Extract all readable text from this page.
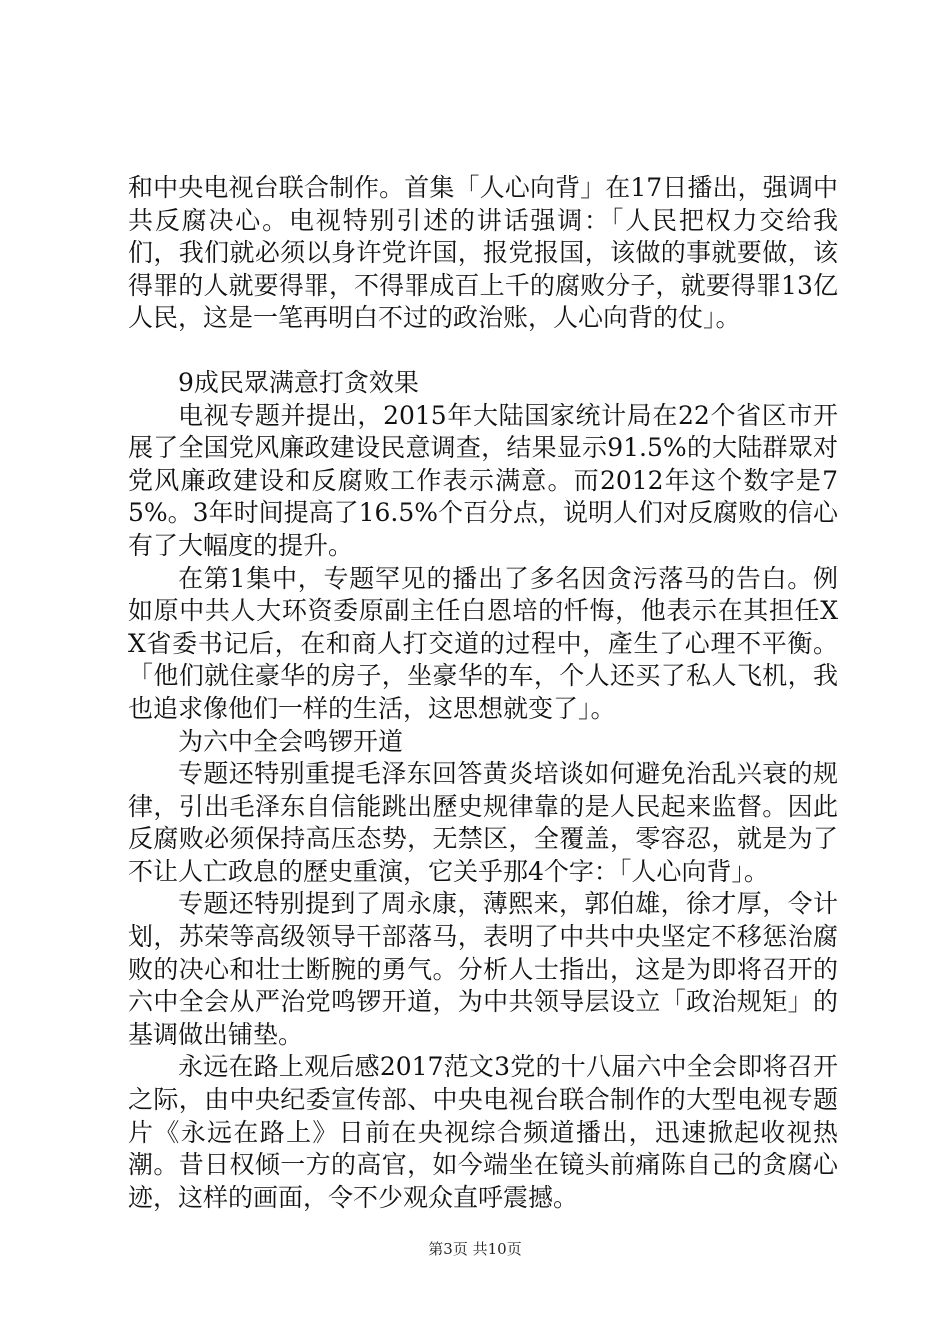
和中央电视台联合制作。首集「人心向背」在17日播出，强调中共反腐决心。电视特别引述的讲话强调：「人民把权力交给我们，我们就必须以身许党许国，报党报国，该做的事就要做，该得罪的人就要得罪，不得罪成百上千的腐败分子，就要得罪13亿人民，这是一笔再明白不过的政治账，人心向背的仗」。

9成民眾满意打贪效果

电视专题并提出，2015年大陆国家统计局在22个省区市开展了全国党风廉政建设民意调查，结果显示91.5%的大陆群眾对党风廉政建设和反腐败工作表示满意。而2012年这个数字是75%。3年时间提高了16.5%个百分点，说明人们对反腐败的信心有了大幅度的提升。

在第1集中，专题罕见的播出了多名因贪污落马的告白。例如原中共人大环资委原副主任白恩培的忏悔，他表示在其担任XX省委书记后，在和商人打交道的过程中，產生了心理不平衡。「他们就住豪华的房子，坐豪华的车，个人还买了私人飞机，我也追求像他们一样的生活，这思想就变了」。

为六中全会鸣锣开道

专题还特别重提毛泽东回答黄炎培谈如何避免治乱兴衰的规律，引出毛泽东自信能跳出歷史规律靠的是人民起来监督。因此反腐败必须保持高压态势，无禁区，全覆盖，零容忍，就是为了不让人亡政息的歷史重演，它关乎那4个字：「人心向背」。

专题还特别提到了周永康，薄熙来，郭伯雄，徐才厚，令计划，苏荣等高级领导干部落马，表明了中共中央坚定不移惩治腐败的决心和壮士断腕的勇气。分析人士指出，这是为即将召开的六中全会从严治党鸣锣开道，为中共领导层设立「政治规矩」的基调做出铺垫。

永远在路上观后感2017范文3党的十八届六中全会即将召开之际，由中央纪委宣传部、中央电视台联合制作的大型电视专题片《永远在路上》日前在央视综合频道播出，迅速掀起收视热潮。昔日权倾一方的高官，如今端坐在镜头前痛陈自己的贪腐心迹，这样的画面，令不少观众直呼震撼。

第3页 共10页
